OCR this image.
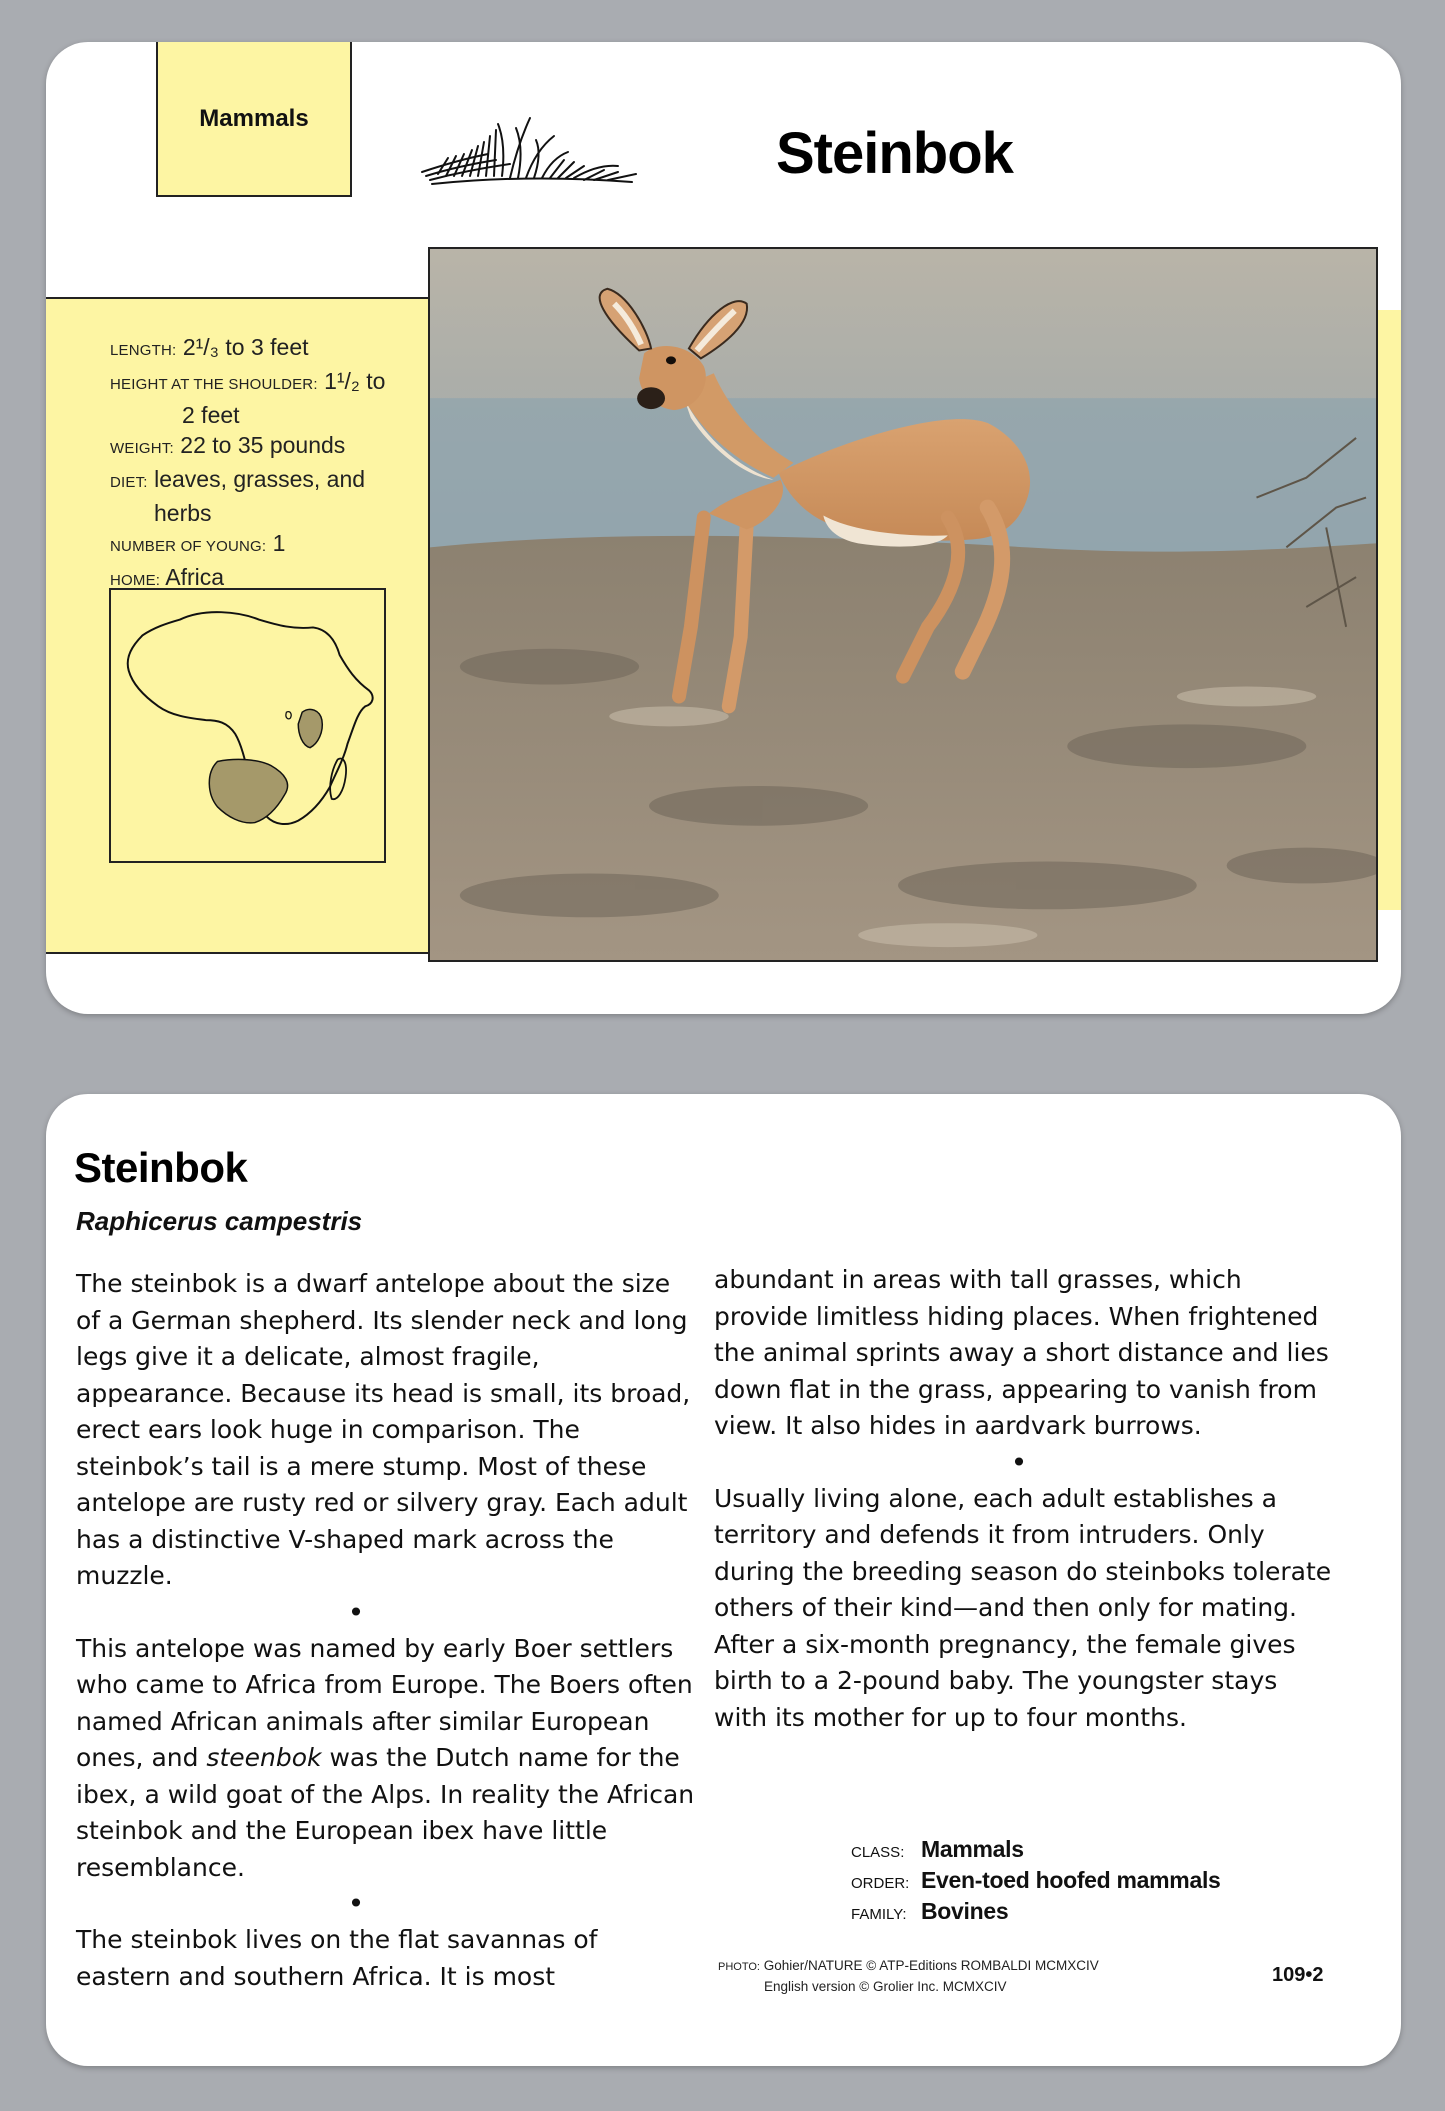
Mammals
Steinbok

LENGTH: 2¹/₃ to 3 feet

HEIGHT AT THE SHOULDER: 1¹/₂ to
2 feet

WEIGHT: 22 to 35 pounds

DIET: leaves, grasses, and
herbs

NUMBER OF YOUNG: 1

HOME: Africa

Steinbok
Raphicerus campestris

The steinbok is a dwarf antelope about the size of a German shepherd. Its slender neck and long legs give it a delicate, almost fragile, appearance. Because its head is small, its broad, erect ears look huge in comparison. The steinbok’s tail is a mere stump. Most of these antelope are rusty red or silvery gray. Each adult has a distinctive V-shaped mark across the muzzle.

•

This antelope was named by early Boer settlers who came to Africa from Europe. The Boers often named African animals after similar European ones, and steenbok was the Dutch name for the ibex, a wild goat of the Alps. In reality the African steinbok and the European ibex have little resemblance.

•

The steinbok lives on the flat savannas of eastern and southern Africa. It is most

abundant in areas with tall grasses, which provide limitless hiding places. When frightened the animal sprints away a short distance and lies down flat in the grass, appearing to vanish from view. It also hides in aardvark burrows.

•

Usually living alone, each adult establishes a territory and defends it from intruders. Only during the breeding season do steinboks tolerate others of their kind—and then only for mating. After a six-month pregnancy, the female gives birth to a 2-pound baby. The youngster stays with its mother for up to four months.

CLASS: Mammals
ORDER: Even-toed hoofed mammals
FAMILY: Bovines
PHOTO: Gohier/NATURE © ATP-Editions ROMBALDI MCMXCIV
English version © Grolier Inc. MCMXCIV
109•2
